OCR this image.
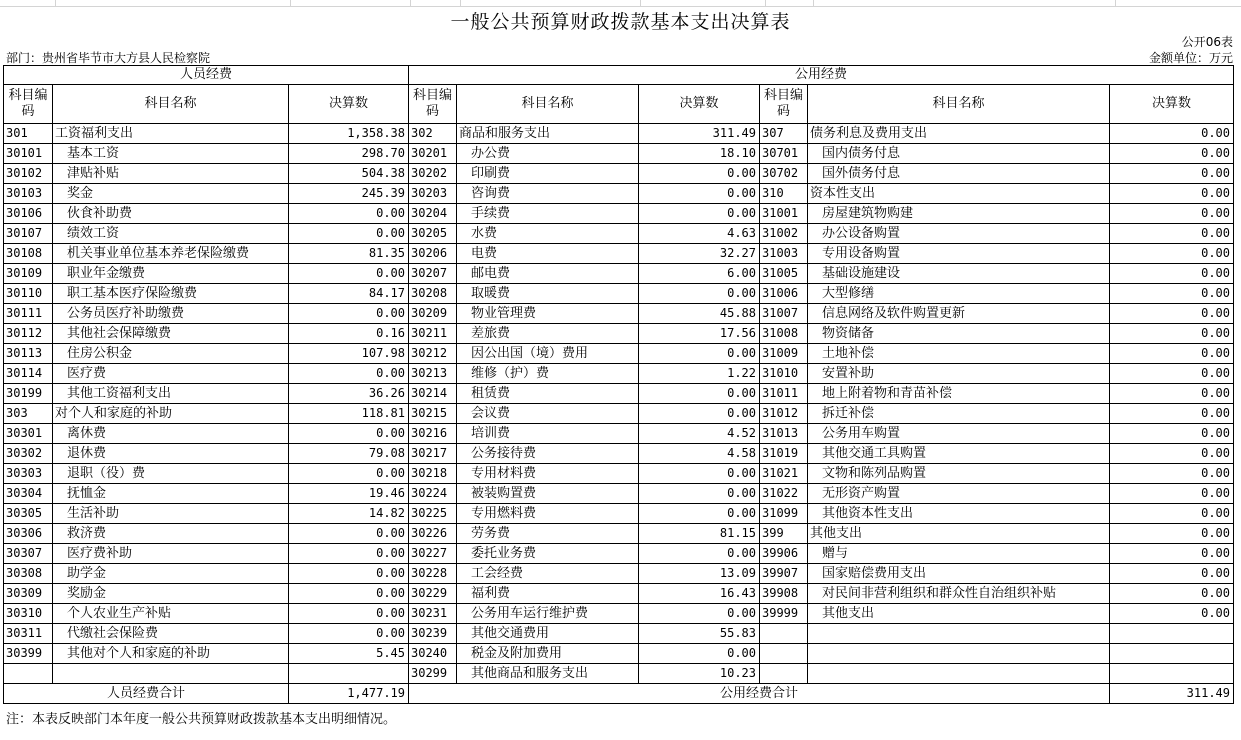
一般公共预算财政拨款基本支出决算表
公开06表
部门：贵州省毕节市大方县人民检察院	金额单位：万元
人员经费			公用经费					
科目编码	科目名称	决算数	科目编码	科目名称	决算数	科目编码	科目名称	决算数
301	工资福利支出	1,358.38	302	商品和服务支出	311.49	307	债务利息及费用支出	0.00
30101	基本工资	298.70	30201	办公费	18.10	30701	国内债务付息	0.00
30102	津贴补贴	504.38	30202	印刷费	0.00	30702	国外债务付息	0.00
30103	奖金	245.39	30203	咨询费	0.00	310	资本性支出	0.00
30106	伙食补助费	0.00	30204	手续费	0.00	31001	房屋建筑物购建	0.00
30107	绩效工资	0.00	30205	水费	4.63	31002	办公设备购置	0.00
30108	机关事业单位基本养老保险缴费	81.35	30206	电费	32.27	31003	专用设备购置	0.00
30109	职业年金缴费	0.00	30207	邮电费	6.00	31005	基础设施建设	0.00
30110	职工基本医疗保险缴费	84.17	30208	取暖费	0.00	31006	大型修缮	0.00
30111	公务员医疗补助缴费	0.00	30209	物业管理费	45.88	31007	信息网络及软件购置更新	0.00
30112	其他社会保障缴费	0.16	30211	差旅费	17.56	31008	物资储备	0.00
30113	住房公积金	107.98	30212	因公出国（境）费用	0.00	31009	土地补偿	0.00
30114	医疗费	0.00	30213	维修（护）费	1.22	31010	安置补助	0.00
30199	其他工资福利支出	36.26	30214	租赁费	0.00	31011	地上附着物和青苗补偿	0.00
303	对个人和家庭的补助	118.81	30215	会议费	0.00	31012	拆迁补偿	0.00
30301	离休费	0.00	30216	培训费	4.52	31013	公务用车购置	0.00
30302	退休费	79.08	30217	公务接待费	4.58	31019	其他交通工具购置	0.00
30303	退职（役）费	0.00	30218	专用材料费	0.00	31021	文物和陈列品购置	0.00
30304	抚恤金	19.46	30224	被装购置费	0.00	31022	无形资产购置	0.00
30305	生活补助	14.82	30225	专用燃料费	0.00	31099	其他资本性支出	0.00
30306	救济费	0.00	30226	劳务费	81.15	399	其他支出	0.00
30307	医疗费补助	0.00	30227	委托业务费	0.00	39906	赠与	0.00
30308	助学金	0.00	30228	工会经费	13.09	39907	国家赔偿费用支出	0.00
30309	奖励金	0.00	30229	福利费	16.43	39908	对民间非营利组织和群众性自治组织补贴	0.00
30310	个人农业生产补贴	0.00	30231	公务用车运行维护费	0.00	39999	其他支出	0.00
30311	代缴社会保险费	0.00	30239	其他交通费用	55.83			
30399	其他对个人和家庭的补助	5.45	30240	税金及附加费用	0.00			
			30299	其他商品和服务支出	10.23			
人员经费合计		1,477.19	公用经费合计					311.49
注：本表反映部门本年度一般公共预算财政拨款基本支出明细情况。
